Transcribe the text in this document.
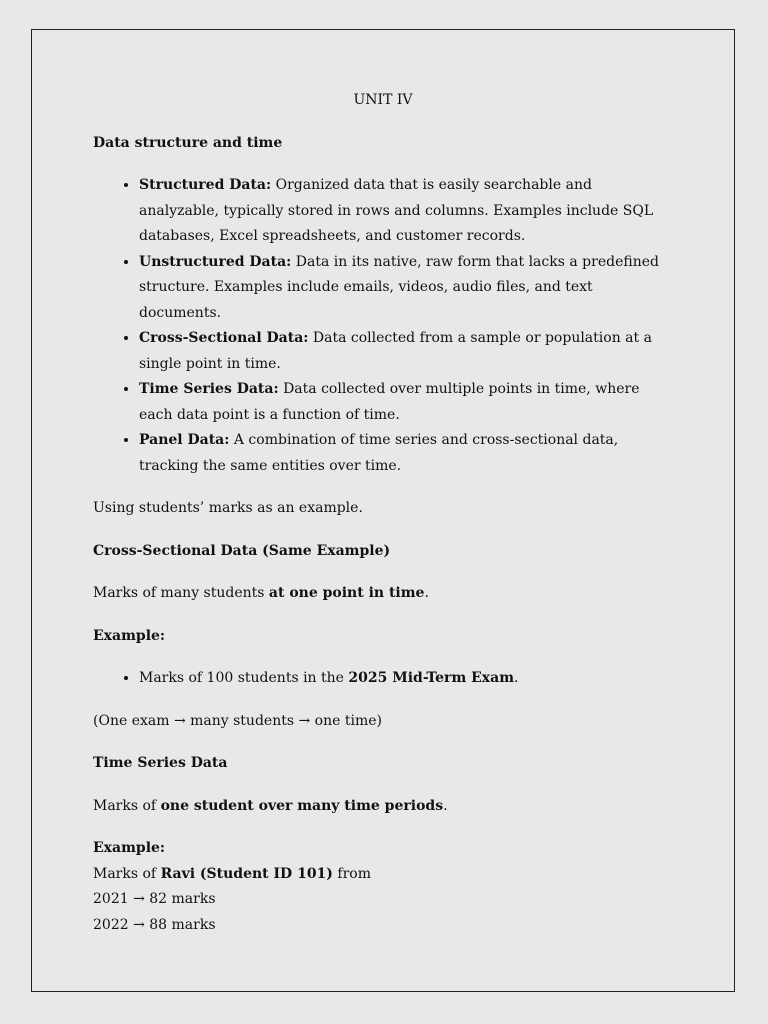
UNIT IV

Data structure and time

• Structured Data: Organized data that is easily searchable and analyzable, typically stored in rows and columns. Examples include SQL databases, Excel spreadsheets, and customer records.
• Unstructured Data: Data in its native, raw form that lacks a predefined structure. Examples include emails, videos, audio files, and text documents.
• Cross-Sectional Data: Data collected from a sample or population at a single point in time.
• Time Series Data: Data collected over multiple points in time, where each data point is a function of time.
• Panel Data: A combination of time series and cross-sectional data, tracking the same entities over time.

Using students’ marks as an example.

Cross-Sectional Data (Same Example)

Marks of many students at one point in time.

Example:

• Marks of 100 students in the 2025 Mid-Term Exam.

(One exam → many students → one time)

Time Series Data

Marks of one student over many time periods.

Example:

Marks of Ravi (Student ID 101) from

2021 → 82 marks

2022 → 88 marks
